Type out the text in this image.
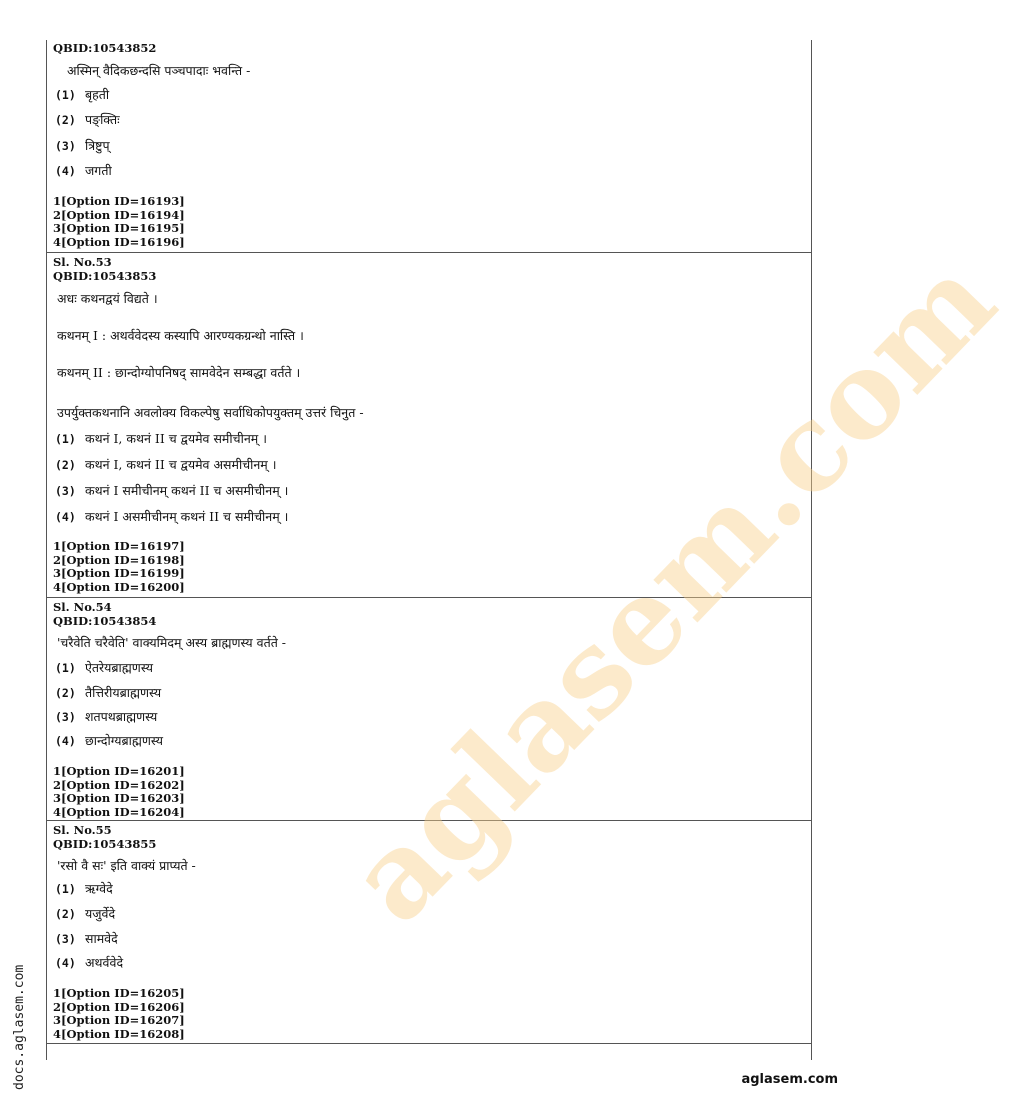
QBID:10543852
अस्मिन् वैदिकछन्दसि पञ्चपादाः भवन्ति -
(1) बृहती
(2) पङ्क्तिः
(3) त्रिष्टुप्
(4) जगती
1[Option ID=16193]
2[Option ID=16194]
3[Option ID=16195]
4[Option ID=16196]
Sl. No.53
QBID:10543853
अधः कथनद्वयं विद्यते ।
कथनम् I : अथर्ववेदस्य कस्यापि आरण्यकग्रन्थो नास्ति ।
कथनम् II : छान्दोग्योपनिषद् सामवेदेन सम्बद्धा वर्तते ।
उपर्युक्तकथनानि अवलोक्य विकल्पेषु सर्वाधिकोपयुक्तम् उत्तरं चिनुत -
(1) कथनं I, कथनं II च द्वयमेव समीचीनम् ।
(2) कथनं I, कथनं II च द्वयमेव असमीचीनम् ।
(3) कथनं I समीचीनम् कथनं II च असमीचीनम् ।
(4) कथनं I असमीचीनम् कथनं II च समीचीनम् ।
1[Option ID=16197]
2[Option ID=16198]
3[Option ID=16199]
4[Option ID=16200]
Sl. No.54
QBID:10543854
'चरैवेति चरैवेति' वाक्यमिदम् अस्य ब्राह्मणस्य वर्तते -
(1) ऐतरेयब्राह्मणस्य
(2) तैत्तिरीयब्राह्मणस्य
(3) शतपथब्राह्मणस्य
(4) छान्दोग्यब्राह्मणस्य
1[Option ID=16201]
2[Option ID=16202]
3[Option ID=16203]
4[Option ID=16204]
Sl. No.55
QBID:10543855
'रसो वै सः' इति वाक्यं प्राप्यते -
(1) ऋग्वेदे
(2) यजुर्वेदे
(3) सामवेदे
(4) अथर्ववेदे
1[Option ID=16205]
2[Option ID=16206]
3[Option ID=16207]
4[Option ID=16208]
aglasem.com
docs.aglasem.com	aglasem.com
